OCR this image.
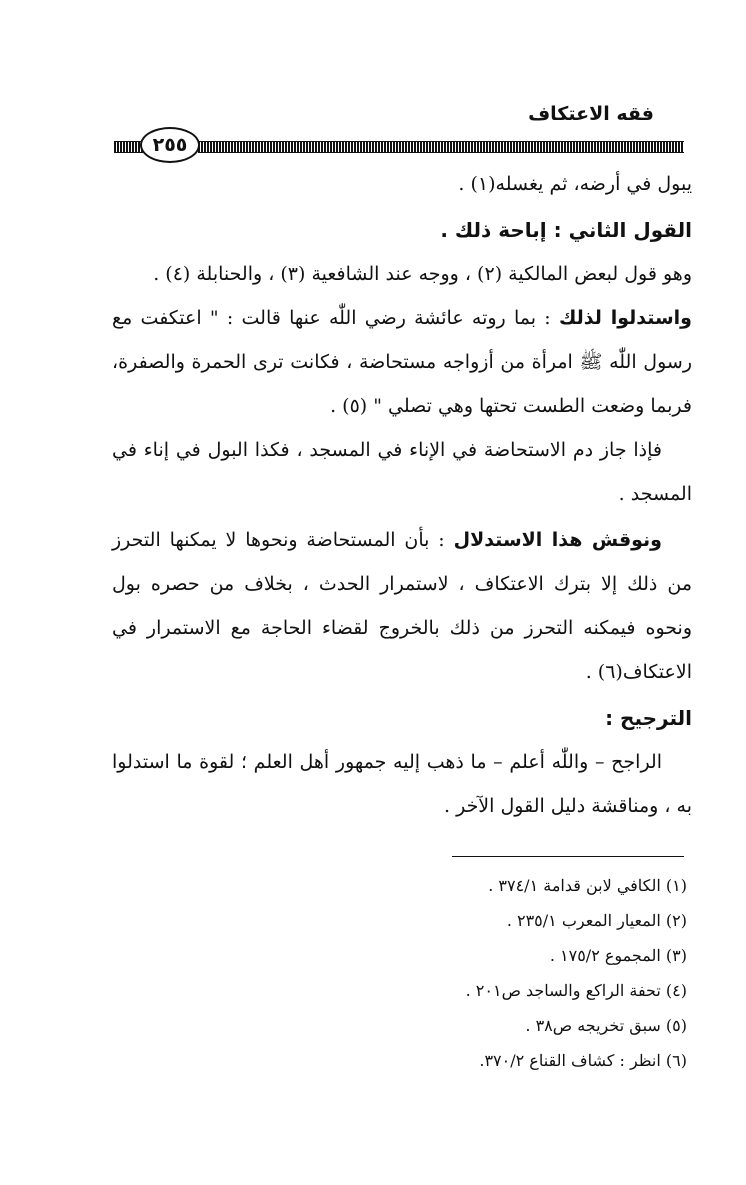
فقه الاعتكاف
٢٥٥

يبول في أرضه، ثم يغسله(١) .

القول الثاني : إباحة ذلك .

وهو قول لبعض المالكية (٢) ، ووجه عند الشافعية (٣) ، والحنابلة (٤) .

واستدلوا لذلك : بما روته عائشة رضي اللّٰه عنها قالت : " اعتكفت مع رسول اللّٰه ﷺ امرأة من أزواجه مستحاضة ، فكانت ترى الحمرة والصفرة، فربما وضعت الطست تحتها وهي تصلي " (٥) .

فإذا جاز دم الاستحاضة في الإناء في المسجد ، فكذا البول في إناء في المسجد .

ونوقش هذا الاستدلال : بأن المستحاضة ونحوها لا يمكنها التحرز من ذلك إلا بترك الاعتكاف ، لاستمرار الحدث ، بخلاف من حصره بول ونحوه فيمكنه التحرز من ذلك بالخروج لقضاء الحاجة مع الاستمرار في الاعتكاف(٦) .

الترجيح :

الراجح – واللّٰه أعلم – ما ذهب إليه جمهور أهل العلم ؛ لقوة ما استدلوا به ، ومناقشة دليل القول الآخر .

(١) الكافي لابن قدامة ٣٧٤/١ .

(٢) المعيار المعرب ٢٣٥/١ .

(٣) المجموع ١٧٥/٢ .

(٤) تحفة الراكع والساجد ص٢٠١ .

(٥) سبق تخريجه ص٣٨ .

(٦) انظر : كشاف القناع ٣٧٠/٢.
